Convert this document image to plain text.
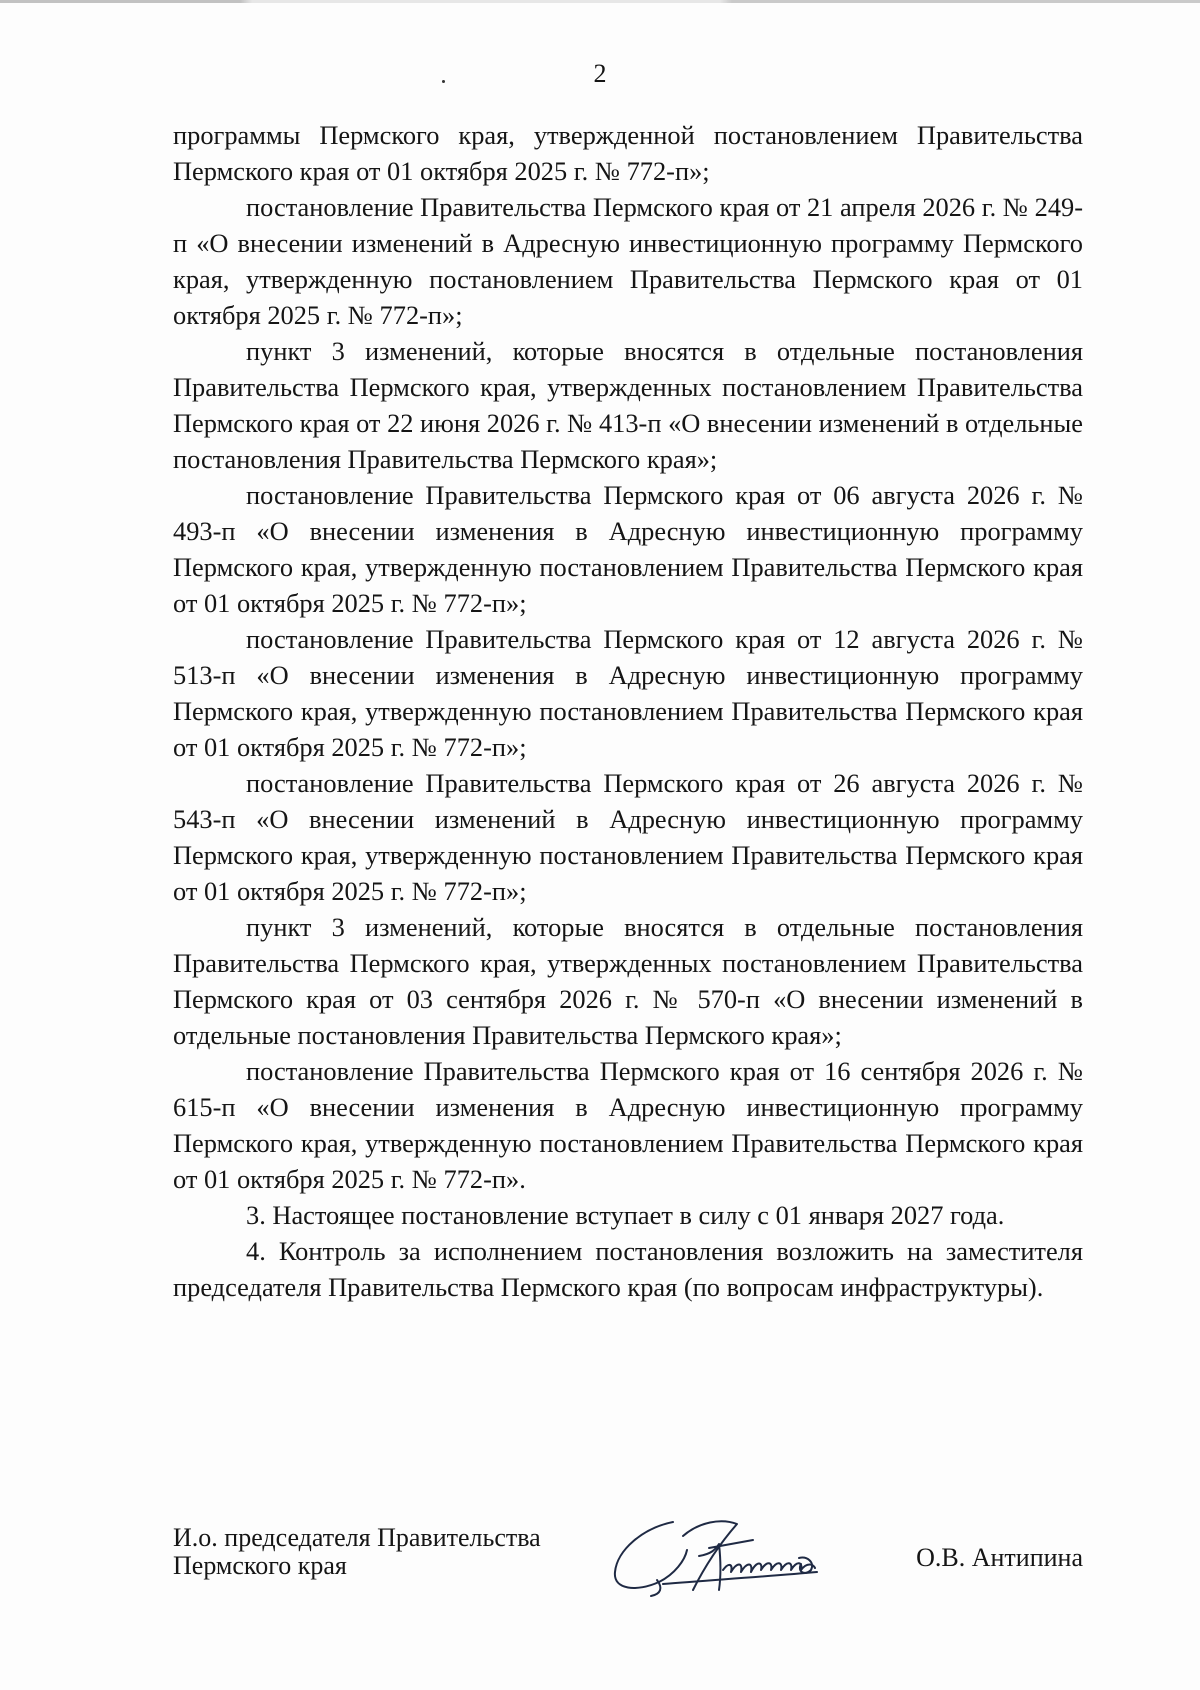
2

программы Пермского края, утвержденной постановлением Правительства Пермского края от 01 октября 2025 г. № 772-п»;

постановление Правительства Пермского края от 21 апреля 2026 г. № 249-п «О внесении изменений в Адресную инвестиционную программу Пермского края, утвержденную постановлением Правительства Пермского края от 01 октября 2025 г. № 772-п»;

пункт 3 изменений, которые вносятся в отдельные постановления Правительства Пермского края, утвержденных постановлением Правительства Пермского края от 22 июня 2026 г. № 413-п «О внесении изменений в отдельные постановления Правительства Пермского края»;

постановление Правительства Пермского края от 06 августа 2026 г. № 493-п «О внесении изменения в Адресную инвестиционную программу Пермского края, утвержденную постановлением Правительства Пермского края от 01 октября 2025 г. № 772-п»;

постановление Правительства Пермского края от 12 августа 2026 г. № 513-п «О внесении изменения в Адресную инвестиционную программу Пермского края, утвержденную постановлением Правительства Пермского края от 01 октября 2025 г. № 772-п»;

постановление Правительства Пермского края от 26 августа 2026 г. № 543-п «О внесении изменений в Адресную инвестиционную программу Пермского края, утвержденную постановлением Правительства Пермского края от 01 октября 2025 г. № 772-п»;

пункт 3 изменений, которые вносятся в отдельные постановления Правительства Пермского края, утвержденных постановлением Правительства Пермского края от 03 сентября 2026 г. № 570-п «О внесении изменений в отдельные постановления Правительства Пермского края»;

постановление Правительства Пермского края от 16 сентября 2026 г. № 615-п «О внесении изменения в Адресную инвестиционную программу Пермского края, утвержденную постановлением Правительства Пермского края от 01 октября 2025 г. № 772-п».

3. Настоящее постановление вступает в силу с 01 января 2027 года.

4. Контроль за исполнением постановления возложить на заместителя председателя Правительства Пермского края (по вопросам инфраструктуры).

И.о. председателя Правительства
Пермского края	О.В. Антипина
